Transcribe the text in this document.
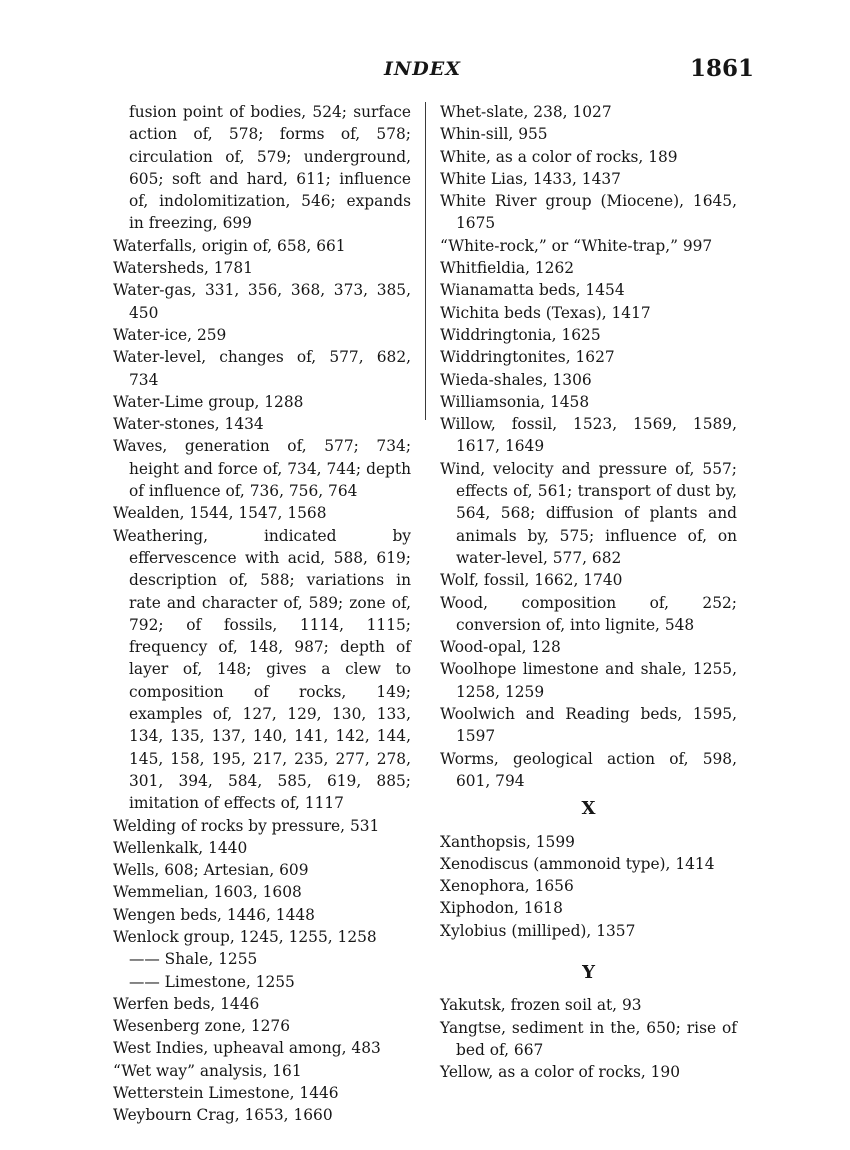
INDEX	1861

fusion point of bodies, 524; surface action of, 578; forms of, 578; circulation of, 579; underground, 605; soft and hard, 611; influence of, indolomitization, 546; expands in freezing, 699

Waterfalls, origin of, 658, 661

Watersheds, 1781

Water-gas, 331, 356, 368, 373, 385, 450

Water-ice, 259

Water-level, changes of, 577, 682, 734

Water-Lime group, 1288

Water-stones, 1434

Waves, generation of, 577; 734; height and force of, 734, 744; depth of influence of, 736, 756, 764

Wealden, 1544, 1547, 1568

Weathering, indicated by effervescence with acid, 588, 619; description of, 588; variations in rate and character of, 589; zone of, 792; of fossils, 1114, 1115; frequency of, 148, 987; depth of layer of, 148; gives a clew to composition of rocks, 149; examples of, 127, 129, 130, 133, 134, 135, 137, 140, 141, 142, 144, 145, 158, 195, 217, 235, 277, 278, 301, 394, 584, 585, 619, 885; imitation of effects of, 1117

Welding of rocks by pressure, 531

Wellenkalk, 1440

Wells, 608; Artesian, 609

Wemmelian, 1603, 1608

Wengen beds, 1446, 1448

Wenlock group, 1245, 1255, 1258

—— Shale, 1255

—— Limestone, 1255

Werfen beds, 1446

Wesenberg zone, 1276

West Indies, upheaval among, 483

“Wet way” analysis, 161

Wetterstein Limestone, 1446

Weybourn Crag, 1653, 1660

Whet-slate, 238, 1027

Whin-sill, 955

White, as a color of rocks, 189

White Lias, 1433, 1437

White River group (Miocene), 1645, 1675

“White-rock,” or “White-trap,” 997

Whitfieldia, 1262

Wianamatta beds, 1454

Wichita beds (Texas), 1417

Widdringtonia, 1625

Widdringtonites, 1627

Wieda-shales, 1306

Williamsonia, 1458

Willow, fossil, 1523, 1569, 1589, 1617, 1649

Wind, velocity and pressure of, 557; effects of, 561; transport of dust by, 564, 568; diffusion of plants and animals by, 575; influence of, on water-level, 577, 682

Wolf, fossil, 1662, 1740

Wood, composition of, 252; conversion of, into lignite, 548

Wood-opal, 128

Woolhope limestone and shale, 1255, 1258, 1259

Woolwich and Reading beds, 1595, 1597

Worms, geological action of, 598, 601, 794

X

Xanthopsis, 1599

Xenodiscus (ammonoid type), 1414

Xenophora, 1656

Xiphodon, 1618

Xylobius (milliped), 1357

Y

Yakutsk, frozen soil at, 93

Yangtse, sediment in the, 650; rise of bed of, 667

Yellow, as a color of rocks, 190
